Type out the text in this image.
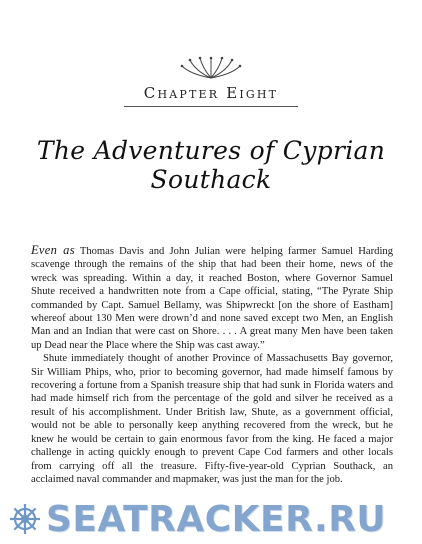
Chapter Eight
The Adventures of Cyprian Southack

Even as Thomas Davis and John Julian were helping farmer Samuel Harding scavenge through the remains of the ship that had been their home, news of the wreck was spreading. Within a day, it reached Boston, where Governor Samuel Shute received a handwritten note from a Cape official, stating, “The Pyrate Ship commanded by Capt. Samuel Bellamy, was Shipwreckt [on the shore of Eastham] whereof about 130 Men were drown’d and none saved except two Men, an English Man and an Indian that were cast on Shore. . . . A great many Men have been taken up Dead near the Place where the Ship was cast away.”

Shute immediately thought of another Province of Massachusetts Bay governor, Sir William Phips, who, prior to becoming governor, had made himself famous by recovering a fortune from a Spanish treasure ship that had sunk in Florida waters and had made himself rich from the percentage of the gold and silver he received as a result of his accomplishment. Under British law, Shute, as a government official, would not be able to personally keep anything recovered from the wreck, but he knew he would be certain to gain enormous favor from the king. He faced a major challenge in acting quickly enough to prevent Cape Cod farmers and other locals from carrying off all the treasure. Fifty-five-year-old Cyprian Southack, an acclaimed naval commander and mapmaker, was just the man for the job.

SEATRACKER.RU
